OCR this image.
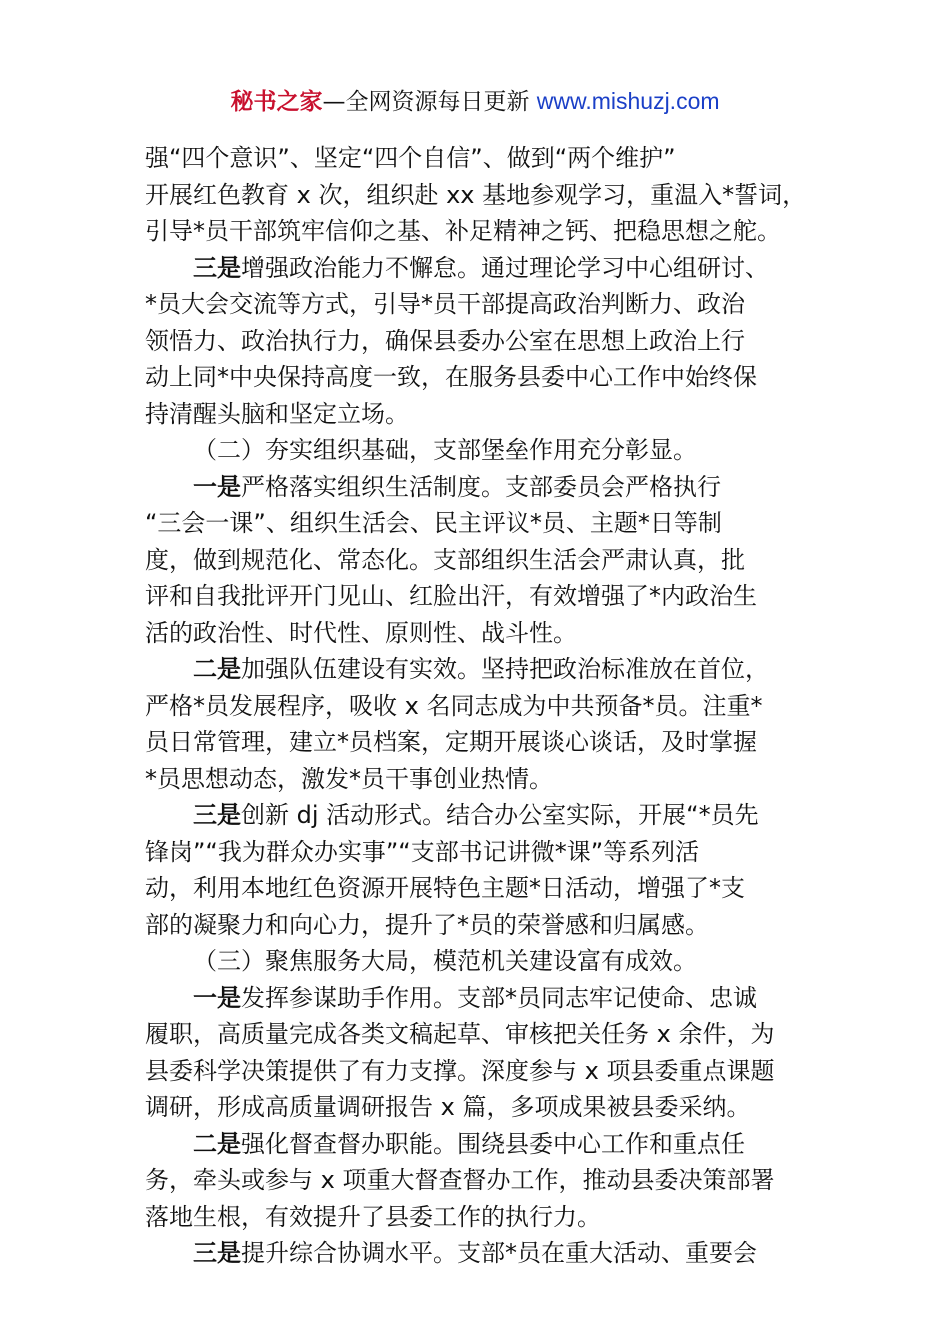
秘书之家—全网资源每日更新 www.mishuzj.com
强“四个意识”、坚定“四个自信”、做到“两个维护”
开展红色教育 x 次，组织赴 xx 基地参观学习，重温入*誓词，
引导*员干部筑牢信仰之基、补足精神之钙、把稳思想之舵。
三是增强政治能力不懈怠。通过理论学习中心组研讨、
*员大会交流等方式，引导*员干部提高政治判断力、政治
领悟力、政治执行力，确保县委办公室在思想上政治上行
动上同*中央保持高度一致，在服务县委中心工作中始终保
持清醒头脑和坚定立场。
（二）夯实组织基础，支部堡垒作用充分彰显。
一是严格落实组织生活制度。支部委员会严格执行
“三会一课”、组织生活会、民主评议*员、主题*日等制
度，做到规范化、常态化。支部组织生活会严肃认真，批
评和自我批评开门见山、红脸出汗，有效增强了*内政治生
活的政治性、时代性、原则性、战斗性。
二是加强队伍建设有实效。坚持把政治标准放在首位，
严格*员发展程序，吸收 x 名同志成为中共预备*员。注重*
员日常管理，建立*员档案，定期开展谈心谈话，及时掌握
*员思想动态，激发*员干事创业热情。
三是创新 dj 活动形式。结合办公室实际，开展“*员先
锋岗”“我为群众办实事”“支部书记讲微*课”等系列活
动，利用本地红色资源开展特色主题*日活动，增强了*支
部的凝聚力和向心力，提升了*员的荣誉感和归属感。
（三）聚焦服务大局，模范机关建设富有成效。
一是发挥参谋助手作用。支部*员同志牢记使命、忠诚
履职，高质量完成各类文稿起草、审核把关任务 x 余件，为
县委科学决策提供了有力支撑。深度参与 x 项县委重点课题
调研，形成高质量调研报告 x 篇，多项成果被县委采纳。
二是强化督查督办职能。围绕县委中心工作和重点任
务，牵头或参与 x 项重大督查督办工作，推动县委决策部署
落地生根，有效提升了县委工作的执行力。
三是提升综合协调水平。支部*员在重大活动、重要会
